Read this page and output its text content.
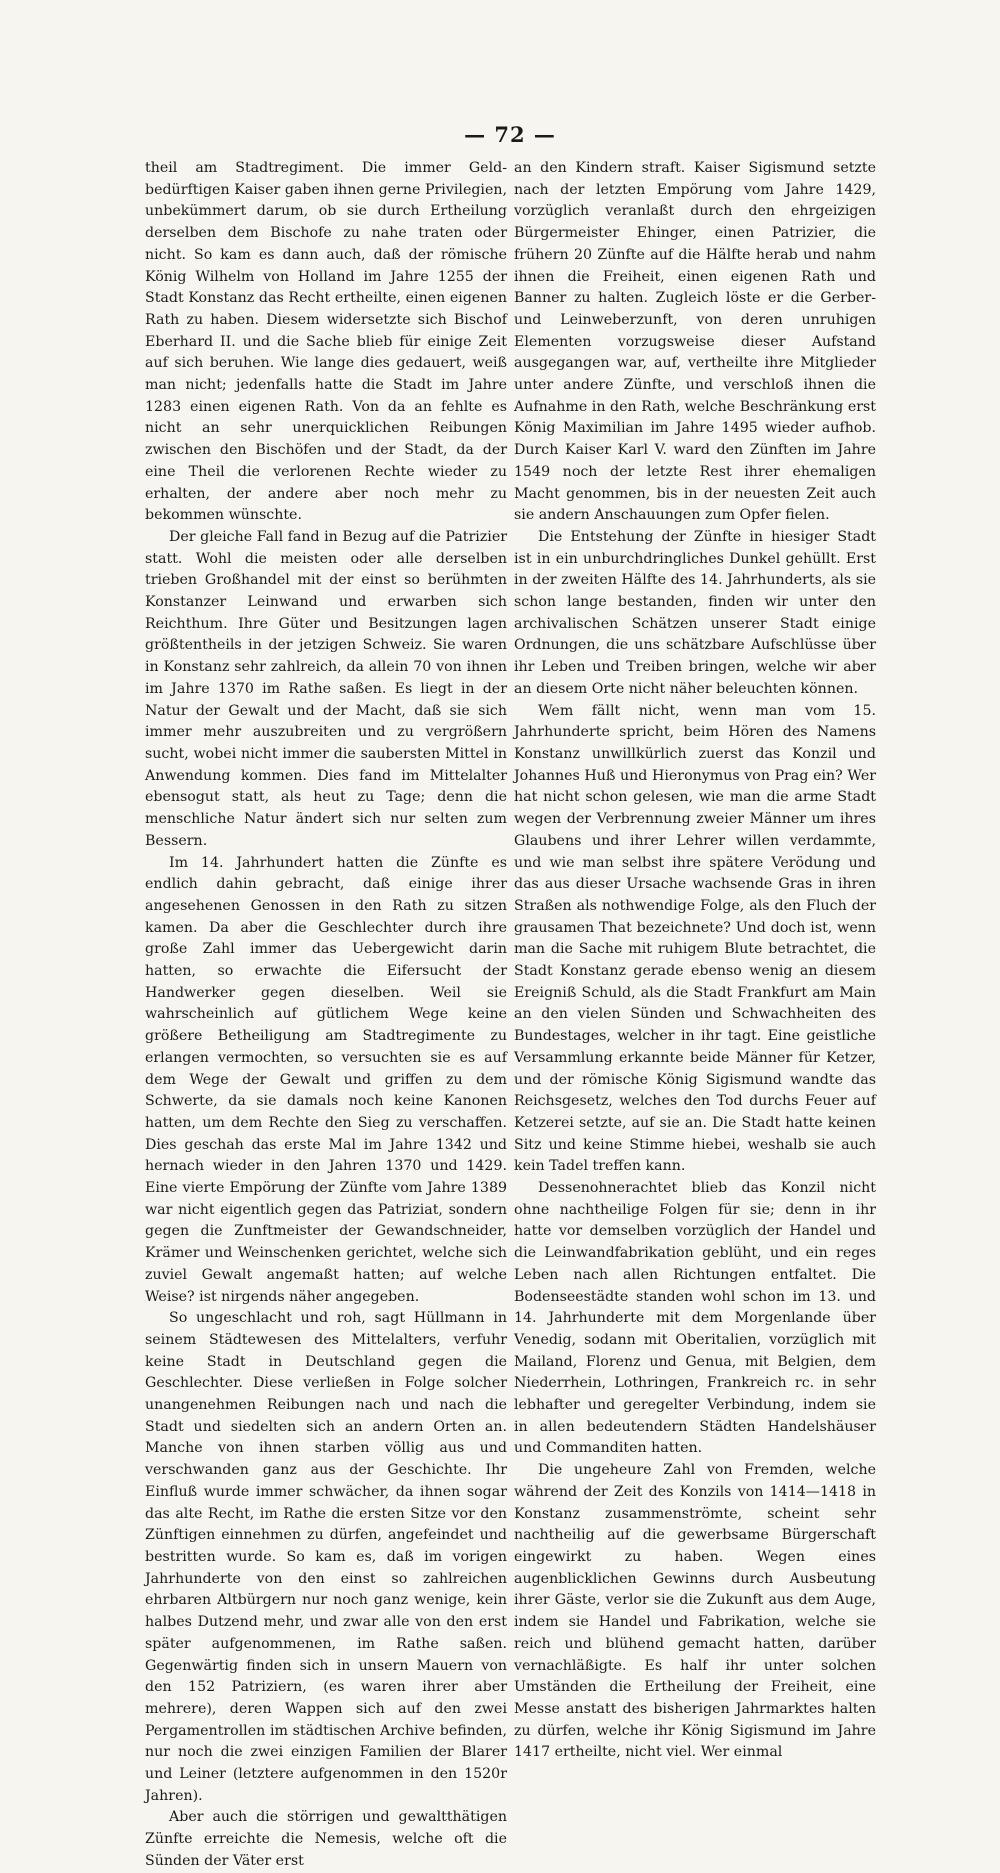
— 72 —

theil am Stadtregiment. Die immer Geld-bedürftigen Kaiser gaben ihnen gerne Privilegien, unbekümmert darum, ob sie durch Ertheilung derselben dem Bischofe zu nahe traten oder nicht. So kam es dann auch, daß der römische König Wilhelm von Holland im Jahre 1255 der Stadt Konstanz das Recht ertheilte, einen eigenen Rath zu haben. Diesem widersetzte sich Bischof Eberhard II. und die Sache blieb für einige Zeit auf sich beruhen. Wie lange dies gedauert, weiß man nicht; jedenfalls hatte die Stadt im Jahre 1283 einen eigenen Rath. Von da an fehlte es nicht an sehr unerquicklichen Reibungen zwischen den Bischöfen und der Stadt, da der eine Theil die verlorenen Rechte wieder zu erhalten, der andere aber noch mehr zu bekommen wünschte.

Der gleiche Fall fand in Bezug auf die Patrizier statt. Wohl die meisten oder alle derselben trieben Großhandel mit der einst so berühmten Konstanzer Leinwand und erwarben sich Reichthum. Ihre Güter und Besitzungen lagen größtentheils in der jetzigen Schweiz. Sie waren in Konstanz sehr zahlreich, da allein 70 von ihnen im Jahre 1370 im Rathe saßen. Es liegt in der Natur der Gewalt und der Macht, daß sie sich immer mehr auszubreiten und zu vergrößern sucht, wobei nicht immer die saubersten Mittel in Anwendung kommen. Dies fand im Mittelalter ebensogut statt, als heut zu Tage; denn die menschliche Natur ändert sich nur selten zum Bessern.

Im 14. Jahrhundert hatten die Zünfte es endlich dahin gebracht, daß einige ihrer angesehenen Genossen in den Rath zu sitzen kamen. Da aber die Geschlechter durch ihre große Zahl immer das Uebergewicht darin hatten, so erwachte die Eifersucht der Handwerker gegen dieselben. Weil sie wahrscheinlich auf gütlichem Wege keine größere Betheiligung am Stadtregimente zu erlangen vermochten, so versuchten sie es auf dem Wege der Gewalt und griffen zu dem Schwerte, da sie damals noch keine Kanonen hatten, um dem Rechte den Sieg zu verschaffen. Dies geschah das erste Mal im Jahre 1342 und hernach wieder in den Jahren 1370 und 1429. Eine vierte Empörung der Zünfte vom Jahre 1389 war nicht eigentlich gegen das Patriziat, sondern gegen die Zunftmeister der Gewandschneider, Krämer und Weinschenken gerichtet, welche sich zuviel Gewalt angemaßt hatten; auf welche Weise? ist nirgends näher angegeben.

So ungeschlacht und roh, sagt Hüllmann in seinem Städtewesen des Mittelalters, verfuhr keine Stadt in Deutschland gegen die Geschlechter. Diese verließen in Folge solcher unangenehmen Reibungen nach und nach die Stadt und siedelten sich an andern Orten an. Manche von ihnen starben völlig aus und verschwanden ganz aus der Geschichte. Ihr Einfluß wurde immer schwächer, da ihnen sogar das alte Recht, im Rathe die ersten Sitze vor den Zünftigen einnehmen zu dürfen, angefeindet und bestritten wurde. So kam es, daß im vorigen Jahrhunderte von den einst so zahlreichen ehrbaren Altbürgern nur noch ganz wenige, kein halbes Dutzend mehr, und zwar alle von den erst später aufgenommenen, im Rathe saßen. Gegenwärtig finden sich in unsern Mauern von den 152 Patriziern, (es waren ihrer aber mehrere), deren Wappen sich auf den zwei Pergamentrollen im städtischen Archive befinden, nur noch die zwei einzigen Familien der Blarer und Leiner (letztere aufgenommen in den 1520r Jahren).

Aber auch die störrigen und gewaltthätigen Zünfte erreichte die Nemesis, welche oft die Sünden der Väter erst

an den Kindern straft. Kaiser Sigismund setzte nach der letzten Empörung vom Jahre 1429, vorzüglich veranlaßt durch den ehrgeizigen Bürgermeister Ehinger, einen Patrizier, die frühern 20 Zünfte auf die Hälfte herab und nahm ihnen die Freiheit, einen eigenen Rath und Banner zu halten. Zugleich löste er die Gerber- und Leinweberzunft, von deren unruhigen Elementen vorzugsweise dieser Aufstand ausgegangen war, auf, vertheilte ihre Mitglieder unter andere Zünfte, und verschloß ihnen die Aufnahme in den Rath, welche Beschränkung erst König Maximilian im Jahre 1495 wieder aufhob. Durch Kaiser Karl V. ward den Zünften im Jahre 1549 noch der letzte Rest ihrer ehemaligen Macht genommen, bis in der neuesten Zeit auch sie andern Anschauungen zum Opfer fielen.

Die Entstehung der Zünfte in hiesiger Stadt ist in ein unburchdringliches Dunkel gehüllt. Erst in der zweiten Hälfte des 14. Jahrhunderts, als sie schon lange bestanden, finden wir unter den archivalischen Schätzen unserer Stadt einige Ordnungen, die uns schätzbare Aufschlüsse über ihr Leben und Treiben bringen, welche wir aber an diesem Orte nicht näher beleuchten können.

Wem fällt nicht, wenn man vom 15. Jahrhunderte spricht, beim Hören des Namens Konstanz unwillkürlich zuerst das Konzil und Johannes Huß und Hieronymus von Prag ein? Wer hat nicht schon gelesen, wie man die arme Stadt wegen der Verbrennung zweier Männer um ihres Glaubens und ihrer Lehrer willen verdammte, und wie man selbst ihre spätere Verödung und das aus dieser Ursache wachsende Gras in ihren Straßen als nothwendige Folge, als den Fluch der grausamen That bezeichnete? Und doch ist, wenn man die Sache mit ruhigem Blute betrachtet, die Stadt Konstanz gerade ebenso wenig an diesem Ereigniß Schuld, als die Stadt Frankfurt am Main an den vielen Sünden und Schwachheiten des Bundestages, welcher in ihr tagt. Eine geistliche Versammlung erkannte beide Männer für Ketzer, und der römische König Sigismund wandte das Reichsgesetz, welches den Tod durchs Feuer auf Ketzerei setzte, auf sie an. Die Stadt hatte keinen Sitz und keine Stimme hiebei, weshalb sie auch kein Tadel treffen kann.

Dessenohnerachtet blieb das Konzil nicht ohne nachtheilige Folgen für sie; denn in ihr hatte vor demselben vorzüglich der Handel und die Leinwandfabrikation geblüht, und ein reges Leben nach allen Richtungen entfaltet. Die Bodenseestädte standen wohl schon im 13. und 14. Jahrhunderte mit dem Morgenlande über Venedig, sodann mit Oberitalien, vorzüglich mit Mailand, Florenz und Genua, mit Belgien, dem Niederrhein, Lothringen, Frankreich rc. in sehr lebhafter und geregelter Verbindung, indem sie in allen bedeutendern Städten Handelshäuser und Commanditen hatten.

Die ungeheure Zahl von Fremden, welche während der Zeit des Konzils von 1414—1418 in Konstanz zusammenströmte, scheint sehr nachtheilig auf die gewerbsame Bürgerschaft eingewirkt zu haben. Wegen eines augenblicklichen Gewinns durch Ausbeutung ihrer Gäste, verlor sie die Zukunft aus dem Auge, indem sie Handel und Fabrikation, welche sie reich und blühend gemacht hatten, darüber vernachläßigte. Es half ihr unter solchen Umständen die Ertheilung der Freiheit, eine Messe anstatt des bisherigen Jahrmarktes halten zu dürfen, welche ihr König Sigismund im Jahre 1417 ertheilte, nicht viel. Wer einmal
